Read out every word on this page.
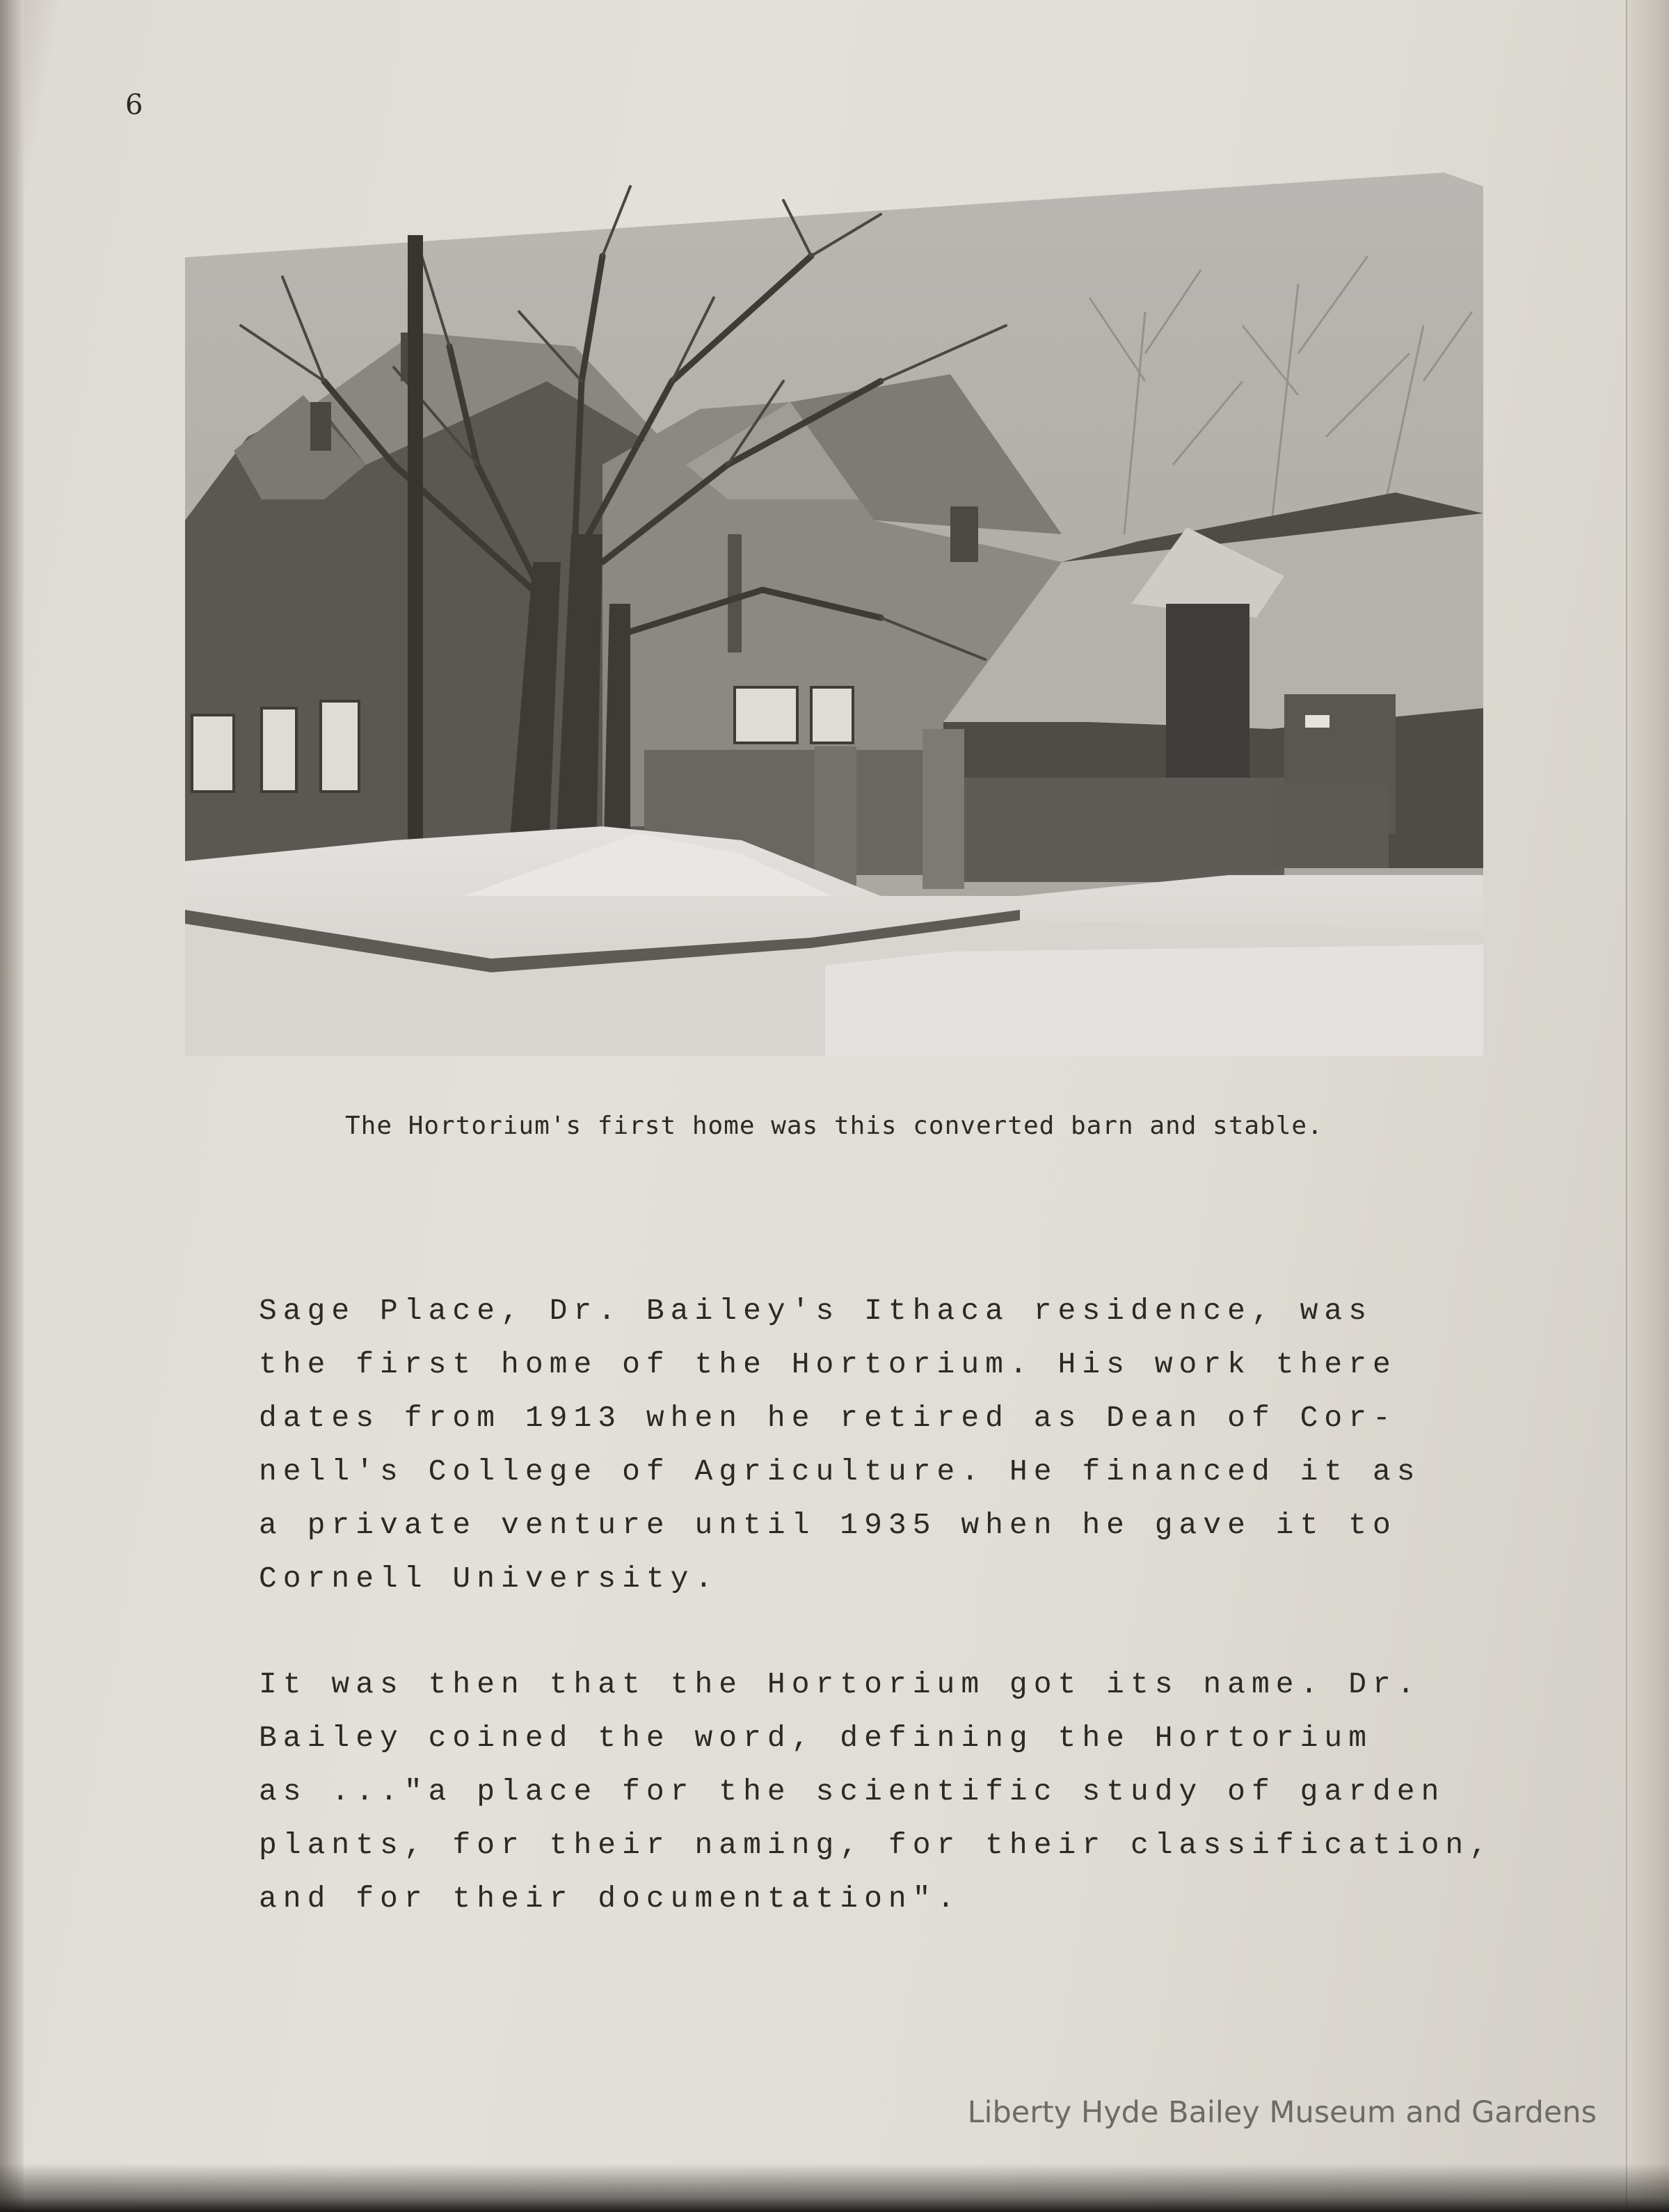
6
The Hortorium's first home was this converted barn and stable.
Sage Place, Dr. Bailey's Ithaca residence, was
the first home of the Hortorium. His work there
dates from 1913 when he retired as Dean of Cor-
nell's College of Agriculture. He financed it as
a private venture until 1935 when he gave it to
Cornell University.
It was then that the Hortorium got its name. Dr.
Bailey coined the word, defining the Hortorium
as ..."a place for the scientific study of garden
plants, for their naming, for their classification,
and for their documentation".
Liberty Hyde Bailey Museum and Gardens
